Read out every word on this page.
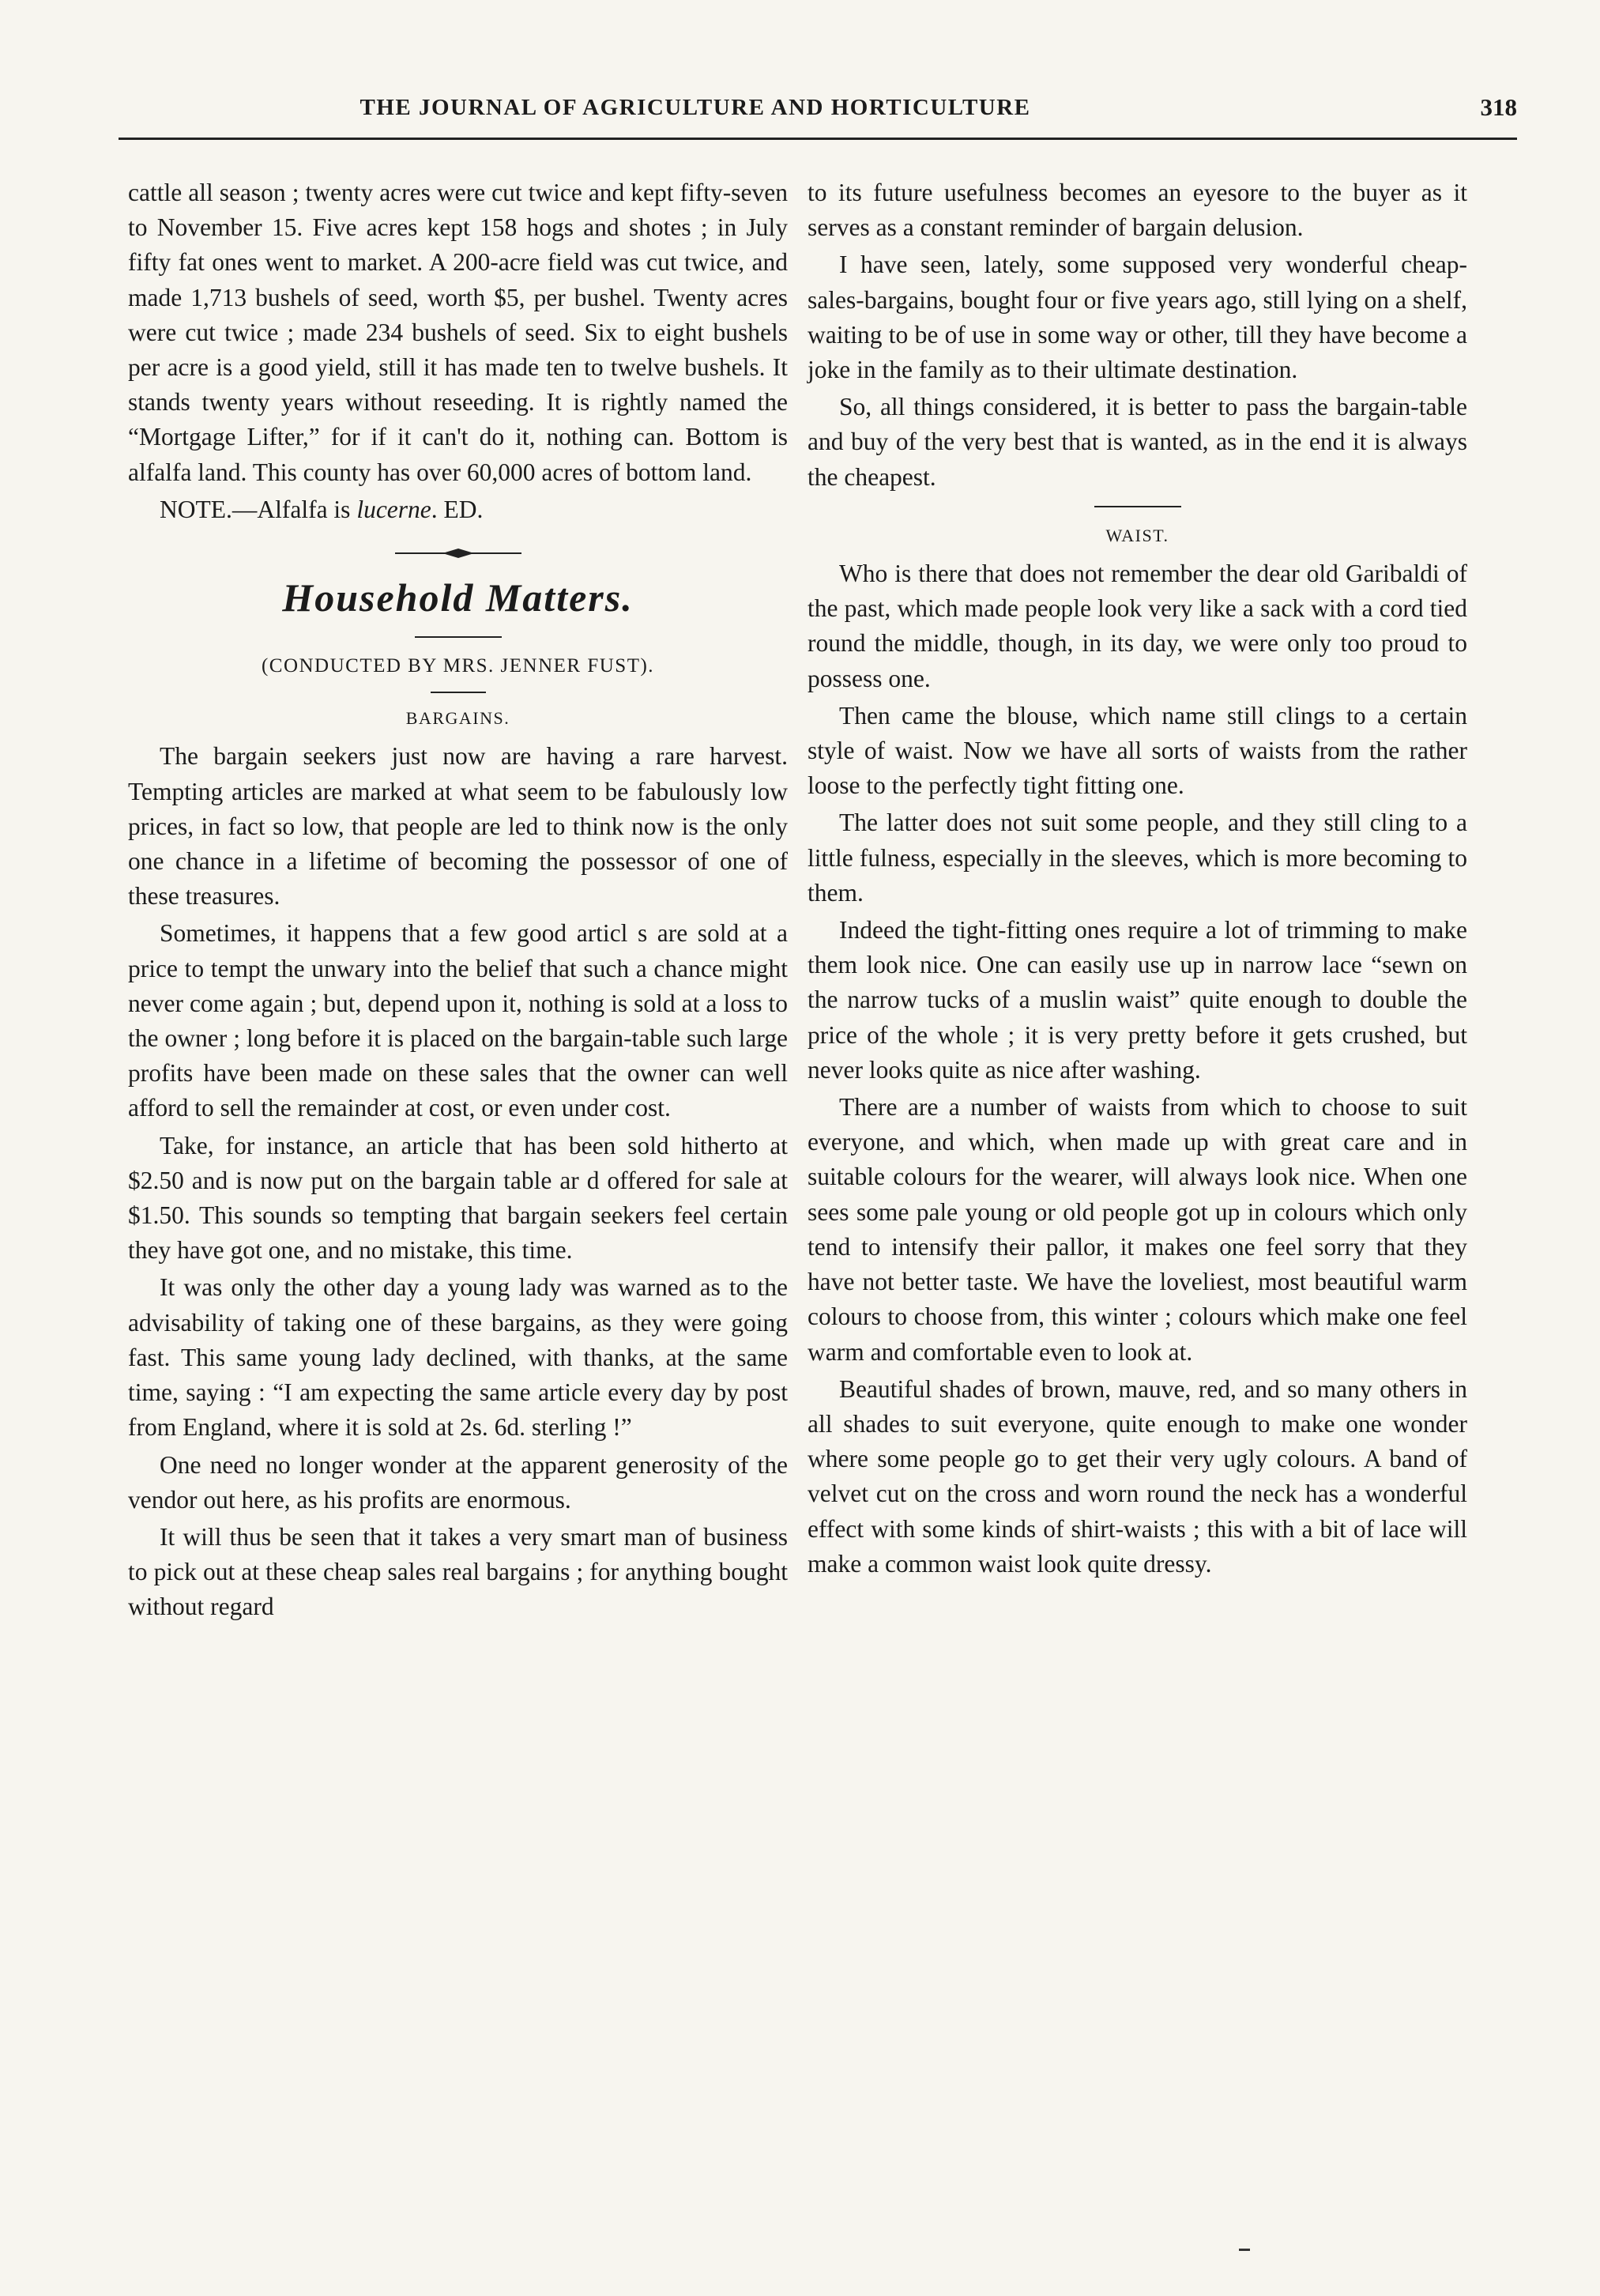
THE JOURNAL OF AGRICULTURE AND HORTICULTURE	318

cattle all season ; twenty acres were cut twice and kept fifty-seven to November 15. Five acres kept 158 hogs and shotes ; in July fifty fat ones went to market. A 200-acre field was cut twice, and made 1,713 bushels of seed, worth $5, per bushel. Twenty acres were cut twice ; made 234 bushels of seed. Six to eight bushels per acre is a good yield, still it has made ten to twelve bushels. It stands twenty years without reseeding. It is rightly named the “Mortgage Lifter,” for if it can't do it, nothing can. Bottom is alfalfa land. This county has over 60,000 acres of bottom land.

NOTE.—Alfalfa is lucerne. ED.

Household Matters.
(CONDUCTED BY MRS. JENNER FUST).
BARGAINS.

The bargain seekers just now are having a rare harvest. Tempting articles are marked at what seem to be fabulously low prices, in fact so low, that people are led to think now is the only one chance in a lifetime of becoming the possessor of one of these treasures.

Sometimes, it happens that a few good articl s are sold at a price to tempt the unwary into the belief that such a chance might never come again ; but, depend upon it, nothing is sold at a loss to the owner ; long before it is placed on the bargain-table such large profits have been made on these sales that the owner can well afford to sell the remainder at cost, or even under cost.

Take, for instance, an article that has been sold hitherto at $2.50 and is now put on the bargain table ar d offered for sale at $1.50. This sounds so tempting that bargain seekers feel certain they have got one, and no mistake, this time.

It was only the other day a young lady was warned as to the advisability of taking one of these bargains, as they were going fast. This same young lady declined, with thanks, at the same time, saying : “I am expecting the same article every day by post from England, where it is sold at 2s. 6d. sterling !”

One need no longer wonder at the apparent generosity of the vendor out here, as his profits are enormous.

It will thus be seen that it takes a very smart man of business to pick out at these cheap sales real bargains ; for anything bought without regard

to its future usefulness becomes an eyesore to the buyer as it serves as a constant reminder of bargain delusion.

I have seen, lately, some supposed very wonderful cheap-sales-bargains, bought four or five years ago, still lying on a shelf, waiting to be of use in some way or other, till they have become a joke in the family as to their ultimate destination.

So, all things considered, it is better to pass the bargain-table and buy of the very best that is wanted, as in the end it is always the cheapest.

WAIST.

Who is there that does not remember the dear old Garibaldi of the past, which made people look very like a sack with a cord tied round the middle, though, in its day, we were only too proud to possess one.

Then came the blouse, which name still clings to a certain style of waist. Now we have all sorts of waists from the rather loose to the perfectly tight fitting one.

The latter does not suit some people, and they still cling to a little fulness, especially in the sleeves, which is more becoming to them.

Indeed the tight-fitting ones require a lot of trimming to make them look nice. One can easily use up in narrow lace “sewn on the narrow tucks of a muslin waist” quite enough to double the price of the whole ; it is very pretty before it gets crushed, but never looks quite as nice after washing.

There are a number of waists from which to choose to suit everyone, and which, when made up with great care and in suitable colours for the wearer, will always look nice. When one sees some pale young or old people got up in colours which only tend to intensify their pallor, it makes one feel sorry that they have not better taste. We have the loveliest, most beautiful warm colours to choose from, this winter ; colours which make one feel warm and comfortable even to look at.

Beautiful shades of brown, mauve, red, and so many others in all shades to suit everyone, quite enough to make one wonder where some people go to get their very ugly colours. A band of velvet cut on the cross and worn round the neck has a wonderful effect with some kinds of shirt-waists ; this with a bit of lace will make a common waist look quite dressy.
